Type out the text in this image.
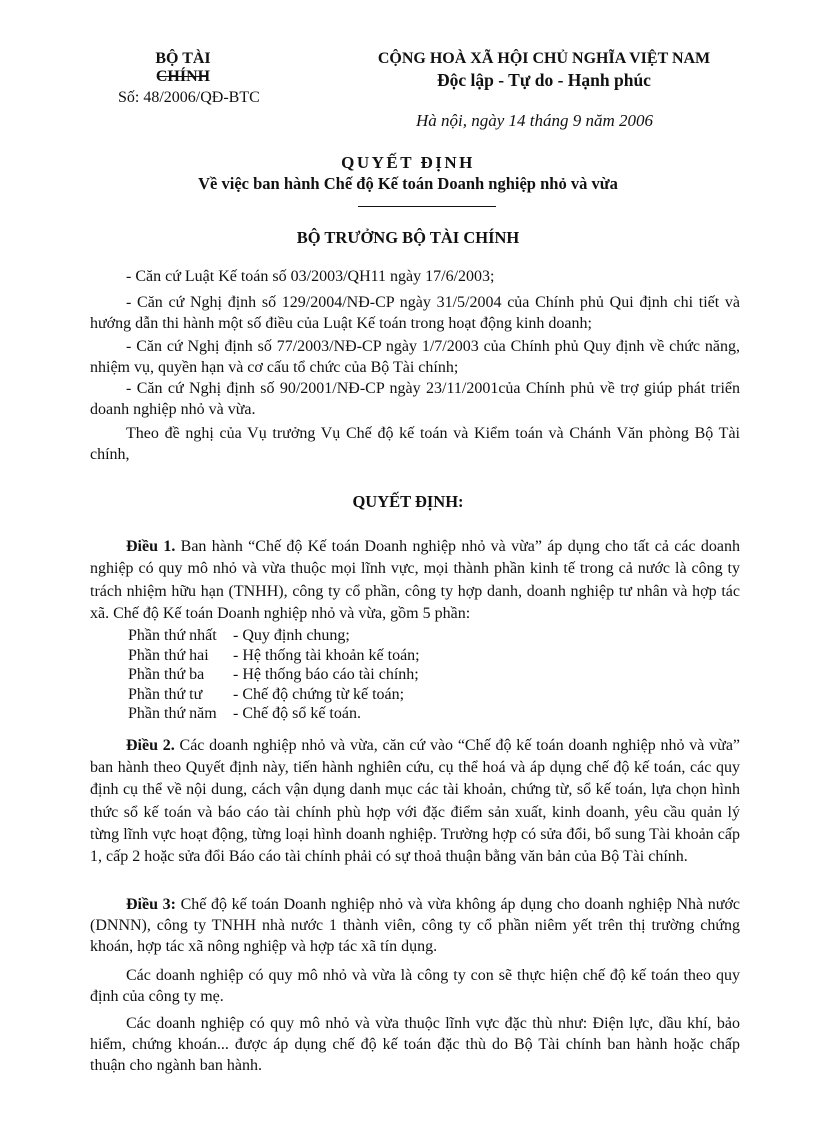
BỘ TÀI CHÍNH
Số: 48/2006/QĐ-BTC
CỘNG HOÀ XÃ HỘI CHỦ NGHĨA VIỆT NAM
Độc lập - Tự do - Hạnh phúc
Hà nội, ngày 14 tháng 9 năm 2006
QUYẾT ĐỊNH
Về việc ban hành Chế độ Kế toán Doanh nghiệp nhỏ và vừa
BỘ TRƯỞNG BỘ TÀI CHÍNH
- Căn cứ Luật Kế toán số 03/2003/QH11 ngày 17/6/2003;
- Căn cứ Nghị định số 129/2004/NĐ-CP ngày 31/5/2004 của Chính phủ Qui định chi tiết và hướng dẫn thi hành một số điều của Luật Kế toán trong hoạt động kinh doanh;
- Căn cứ Nghị định số 77/2003/NĐ-CP ngày 1/7/2003 của Chính phủ Quy định về chức năng, nhiệm vụ, quyền hạn và cơ cấu tổ chức của Bộ Tài chính;
- Căn cứ Nghị định số 90/2001/NĐ-CP ngày 23/11/2001của Chính phủ về trợ giúp phát triển doanh nghiệp nhỏ và vừa.
Theo đề nghị của Vụ trưởng Vụ Chế độ kế toán và Kiểm toán và Chánh Văn phòng Bộ Tài chính,
QUYẾT ĐỊNH:
Điều 1. Ban hành “Chế độ Kế toán Doanh nghiệp nhỏ và vừa” áp dụng cho tất cả các doanh nghiệp có quy mô nhỏ và vừa thuộc mọi lĩnh vực, mọi thành phần kinh tế trong cả nước là công ty trách nhiệm hữu hạn (TNHH), công ty cổ phần, công ty hợp danh, doanh nghiệp tư nhân và hợp tác xã. Chế độ Kế toán Doanh nghiệp nhỏ và vừa, gồm 5 phần:
Phần thứ nhất - Quy định chung;
Phần thứ hai - Hệ thống tài khoản kế toán;
Phần thứ ba - Hệ thống báo cáo tài chính;
Phần thứ tư - Chế độ chứng từ kế toán;
Phần thứ năm - Chế độ sổ kế toán.
Điều 2. Các doanh nghiệp nhỏ và vừa, căn cứ vào “Chế độ kế toán doanh nghiệp nhỏ và vừa” ban hành theo Quyết định này, tiến hành nghiên cứu, cụ thể hoá và áp dụng chế độ kế toán, các quy định cụ thể về nội dung, cách vận dụng danh mục các tài khoản, chứng từ, sổ kế toán, lựa chọn hình thức sổ kế toán và báo cáo tài chính phù hợp với đặc điểm sản xuất, kinh doanh, yêu cầu quản lý từng lĩnh vực hoạt động, từng loại hình doanh nghiệp. Trường hợp có sửa đổi, bổ sung Tài khoản cấp 1, cấp 2 hoặc sửa đổi Báo cáo tài chính phải có sự thoả thuận bằng văn bản của Bộ Tài chính.
Điều 3: Chế độ kế toán Doanh nghiệp nhỏ và vừa không áp dụng cho doanh nghiệp Nhà nước (DNNN), công ty TNHH nhà nước 1 thành viên, công ty cổ phần niêm yết trên thị trường chứng khoán, hợp tác xã nông nghiệp và hợp tác xã tín dụng.
Các doanh nghiệp có quy mô nhỏ và vừa là công ty con sẽ thực hiện chế độ kế toán theo quy định của công ty mẹ.
Các doanh nghiệp có quy mô nhỏ và vừa thuộc lĩnh vực đặc thù như: Điện lực, dầu khí, bảo hiểm, chứng khoán... được áp dụng chế độ kế toán đặc thù do Bộ Tài chính ban hành hoặc chấp thuận cho ngành ban hành.
